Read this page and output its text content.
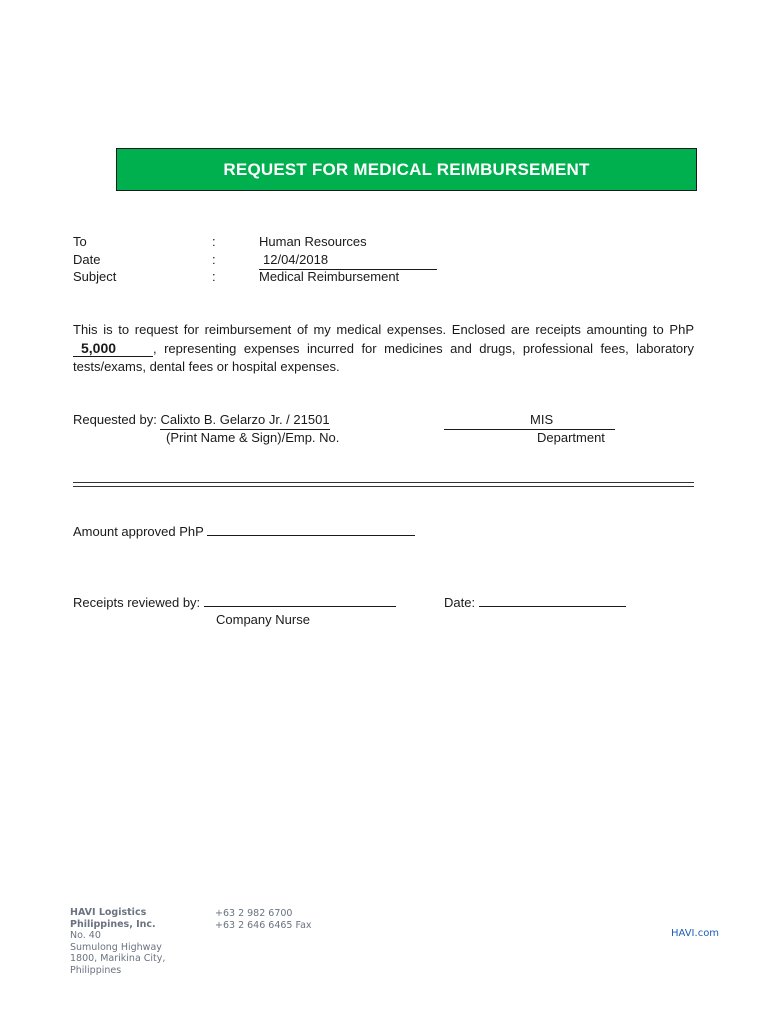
REQUEST FOR MEDICAL REIMBURSEMENT
To	:	Human Resources
Date	:	12/04/2018
Subject	:	Medical Reimbursement
This is to request for reimbursement of my medical expenses. Enclosed are receipts amounting to PhP 5,000	, representing expenses incurred for medicines and drugs, professional fees, laboratory tests/exams, dental fees or hospital expenses.
Requested by: Calixto B. Gelarzo Jr. / 21501
(Print Name & Sign)/Emp. No.
MIS
Department
Amount approved PhP
Receipts reviewed by:
Company Nurse
Date:
HAVI Logistics
Philippines, Inc.
No. 40
Sumulong Highway
1800, Marikina City,
Philippines
+63 2 982 6700
+63 2 646 6465 Fax
HAVI.com
